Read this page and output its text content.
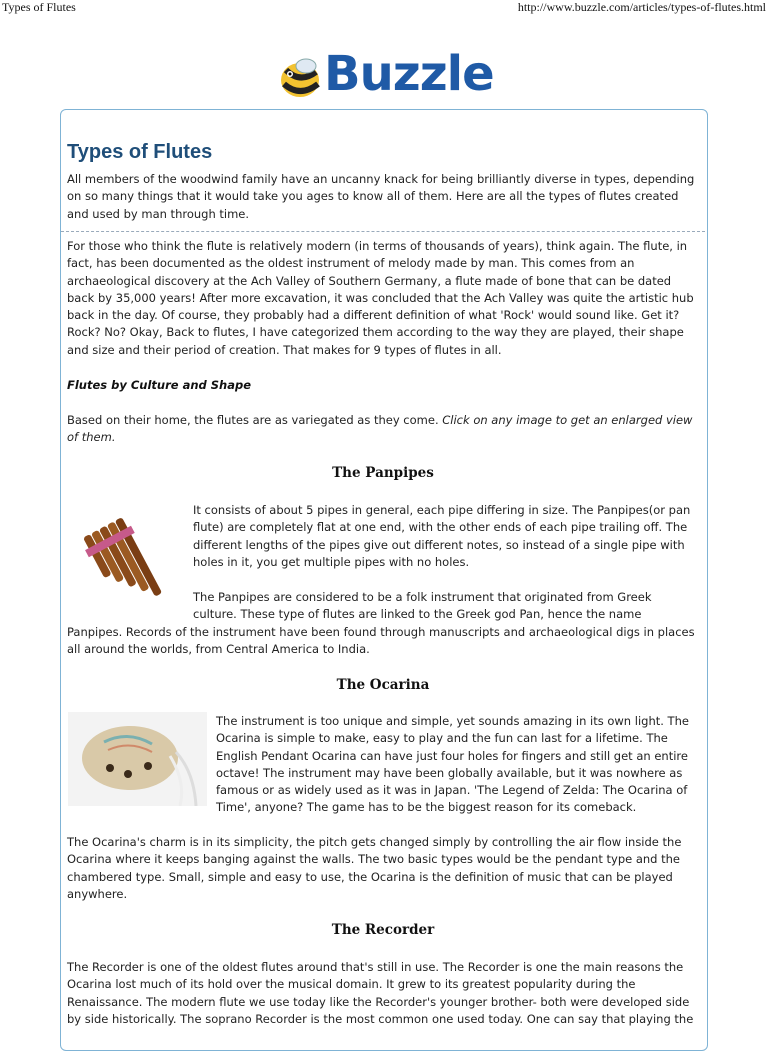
Types of Flutes	http://www.buzzle.com/articles/types-of-flutes.html
Buzzle
Types of Flutes
All members of the woodwind family have an uncanny knack for being brilliantly diverse in types, depending on so many things that it would take you ages to know all of them. Here are all the types of flutes created and used by man through time.
For those who think the flute is relatively modern (in terms of thousands of years), think again. The flute, in fact, has been documented as the oldest instrument of melody made by man. This comes from an archaeological discovery at the Ach Valley of Southern Germany, a flute made of bone that can be dated back by 35,000 years! After more excavation, it was concluded that the Ach Valley was quite the artistic hub back in the day. Of course, they probably had a different definition of what 'Rock' would sound like. Get it? Rock? No? Okay, Back to flutes, I have categorized them according to the way they are played, their shape and size and their period of creation. That makes for 9 types of flutes in all.
Flutes by Culture and Shape
Based on their home, the flutes are as variegated as they come. Click on any image to get an enlarged view of them.
The Panpipes
It consists of about 5 pipes in general, each pipe differing in size. The Panpipes(or pan flute) are completely flat at one end, with the other ends of each pipe trailing off. The different lengths of the pipes give out different notes, so instead of a single pipe with holes in it, you get multiple pipes with no holes.
The Panpipes are considered to be a folk instrument that originated from Greek culture. These type of flutes are linked to the Greek god Pan, hence the name
Panpipes. Records of the instrument have been found through manuscripts and archaeological digs in places all around the worlds, from Central America to India.
The Ocarina
The instrument is too unique and simple, yet sounds amazing in its own light. The Ocarina is simple to make, easy to play and the fun can last for a lifetime. The English Pendant Ocarina can have just four holes for fingers and still get an entire octave! The instrument may have been globally available, but it was nowhere as famous or as widely used as it was in Japan. 'The Legend of Zelda: The Ocarina of Time', anyone? The game has to be the biggest reason for its comeback.
The Ocarina's charm is in its simplicity, the pitch gets changed simply by controlling the air flow inside the Ocarina where it keeps banging against the walls. The two basic types would be the pendant type and the chambered type. Small, simple and easy to use, the Ocarina is the definition of music that can be played anywhere.
The Recorder
The Recorder is one of the oldest flutes around that's still in use. The Recorder is one the main reasons the Ocarina lost much of its hold over the musical domain. It grew to its greatest popularity during the Renaissance. The modern flute we use today like the Recorder's younger brother- both were developed side by side historically. The soprano Recorder is the most common one used today. One can say that playing the
